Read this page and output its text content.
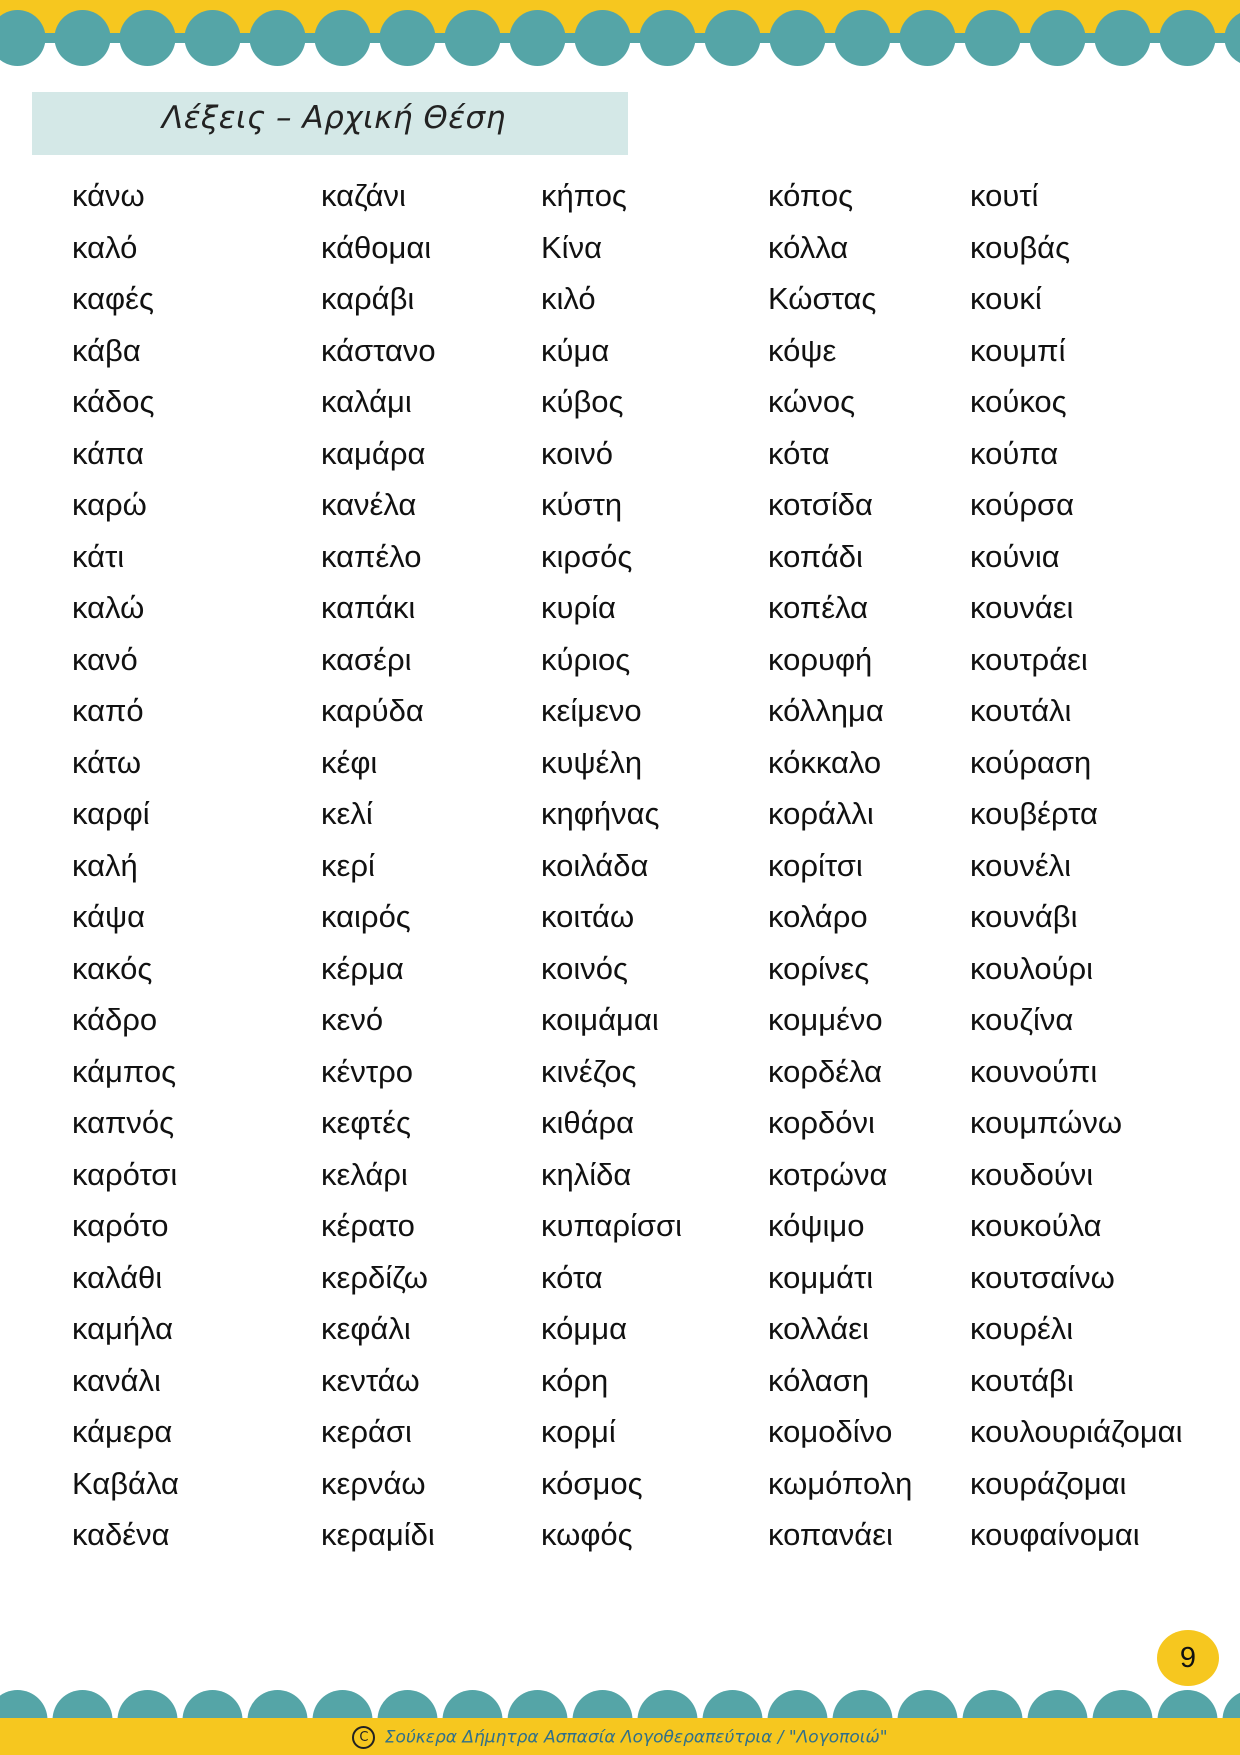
Λέξεις – Αρχική Θέση
κάνω
καλό
καφές
κάβα
κάδος
κάπα
καρώ
κάτι
καλώ
κανό
καπό
κάτω
καρφί
καλή
κάψα
κακός
κάδρο
κάμπος
καπνός
καρότσι
καρότο
καλάθι
καμήλα
κανάλι
κάμερα
Καβάλα
καδένα
καζάνι
κάθομαι
καράβι
κάστανο
καλάμι
καμάρα
κανέλα
καπέλο
καπάκι
κασέρι
καρύδα
κέφι
κελί
κερί
καιρός
κέρμα
κενό
κέντρο
κεφτές
κελάρι
κέρατο
κερδίζω
κεφάλι
κεντάω
κεράσι
κερνάω
κεραμίδι
κήπος
Κίνα
κιλό
κύμα
κύβος
κοινό
κύστη
κιρσός
κυρία
κύριος
κείμενο
κυψέλη
κηφήνας
κοιλάδα
κοιτάω
κοινός
κοιμάμαι
κινέζος
κιθάρα
κηλίδα
κυπαρίσσι
κότα
κόμμα
κόρη
κορμί
κόσμος
κωφός
κόπος
κόλλα
Κώστας
κόψε
κώνος
κότα
κοτσίδα
κοπάδι
κοπέλα
κορυφή
κόλλημα
κόκκαλο
κοράλλι
κορίτσι
κολάρο
κορίνες
κομμένο
κορδέλα
κορδόνι
κοτρώνα
κόψιμο
κομμάτι
κολλάει
κόλαση
κομοδίνο
κωμόπολη
κοπανάει
κουτί
κουβάς
κουκί
κουμπί
κούκος
κούπα
κούρσα
κούνια
κουνάει
κουτράει
κουτάλι
κούραση
κουβέρτα
κουνέλι
κουνάβι
κουλούρι
κουζίνα
κουνούπι
κουμπώνω
κουδούνι
κουκούλα
κουτσαίνω
κουρέλι
κουτάβι
κουλουριάζομαι
κουράζομαι
κουφαίνομαι
9
C Σούκερα Δήμητρα Ασπασία Λογοθεραπεύτρια / "Λογοποιώ"
